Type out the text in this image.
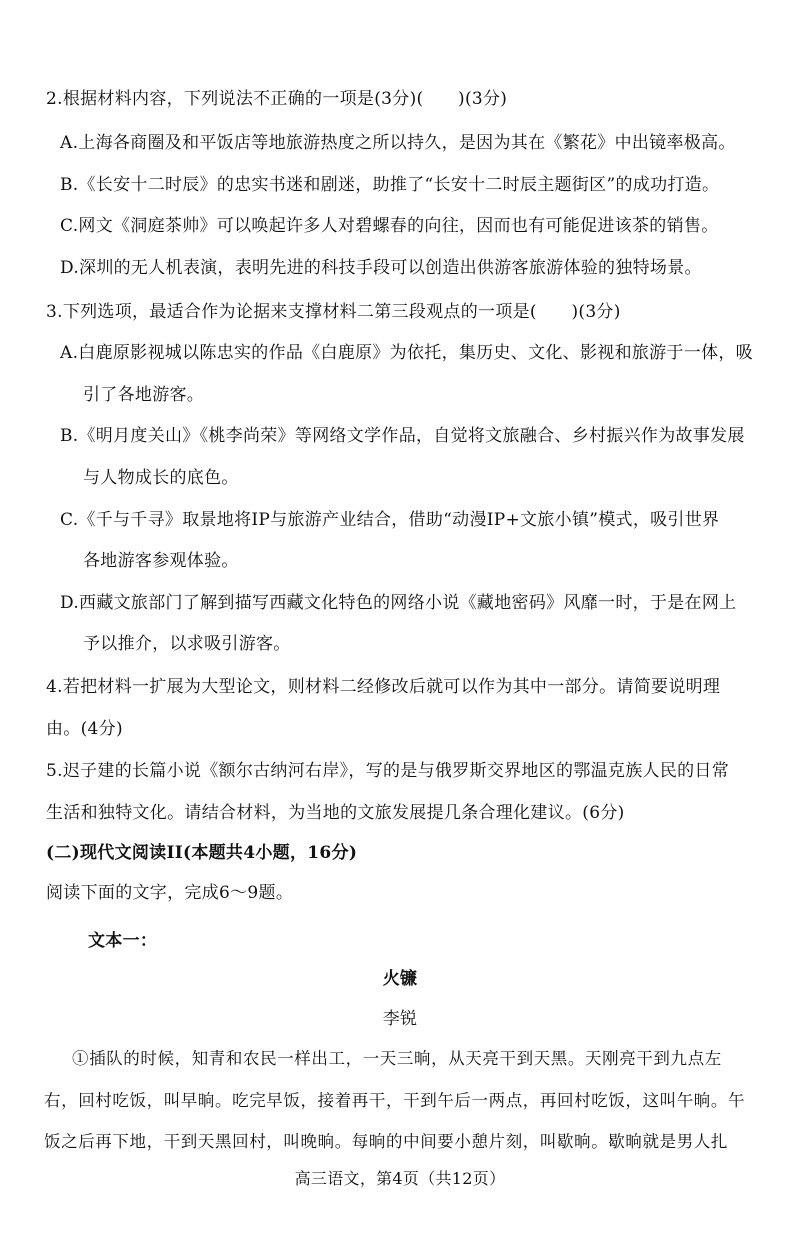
2.根据材料内容，下列说法不正确的一项是(3分)(　　)(3分)
A.上海各商圈及和平饭店等地旅游热度之所以持久，是因为其在《繁花》中出镜率极高。
B.《长安十二时辰》的忠实书迷和剧迷，助推了“长安十二时辰主题街区”的成功打造。
C.网文《洞庭茶帅》可以唤起许多人对碧螺春的向往，因而也有可能促进该茶的销售。
D.深圳的无人机表演，表明先进的科技手段可以创造出供游客旅游体验的独特场景。
3.下列选项，最适合作为论据来支撑材料二第三段观点的一项是(　　)(3分)
A.白鹿原影视城以陈忠实的作品《白鹿原》为依托，集历史、文化、影视和旅游于一体，吸
引了各地游客。
B.《明月度关山》《桃李尚荣》等网络文学作品，自觉将文旅融合、乡村振兴作为故事发展
与人物成长的底色。
C.《千与千寻》取景地将IP与旅游产业结合，借助“动漫IP+文旅小镇”模式，吸引世界
各地游客参观体验。
D.西藏文旅部门了解到描写西藏文化特色的网络小说《藏地密码》风靡一时，于是在网上
予以推介，以求吸引游客。
4.若把材料一扩展为大型论文，则材料二经修改后就可以作为其中一部分。请简要说明理
由。(4分)
5.迟子建的长篇小说《额尔古纳河右岸》，写的是与俄罗斯交界地区的鄂温克族人民的日常
生活和独特文化。请结合材料，为当地的文旅发展提几条合理化建议。(6分)
(二)现代文阅读II(本题共4小题，16分)
阅读下面的文字，完成6～9题。
文本一：
火镰
李锐
①插队的时候，知青和农民一样出工，一天三晌，从天亮干到天黑。天刚亮干到九点左
右，回村吃饭，叫早晌。吃完早饭，接着再干，干到午后一两点，再回村吃饭，这叫午晌。午
饭之后再下地，干到天黑回村，叫晚晌。每晌的中间要小憩片刻，叫歇晌。歇晌就是男人扎
高三语文，第4页（共12页）
